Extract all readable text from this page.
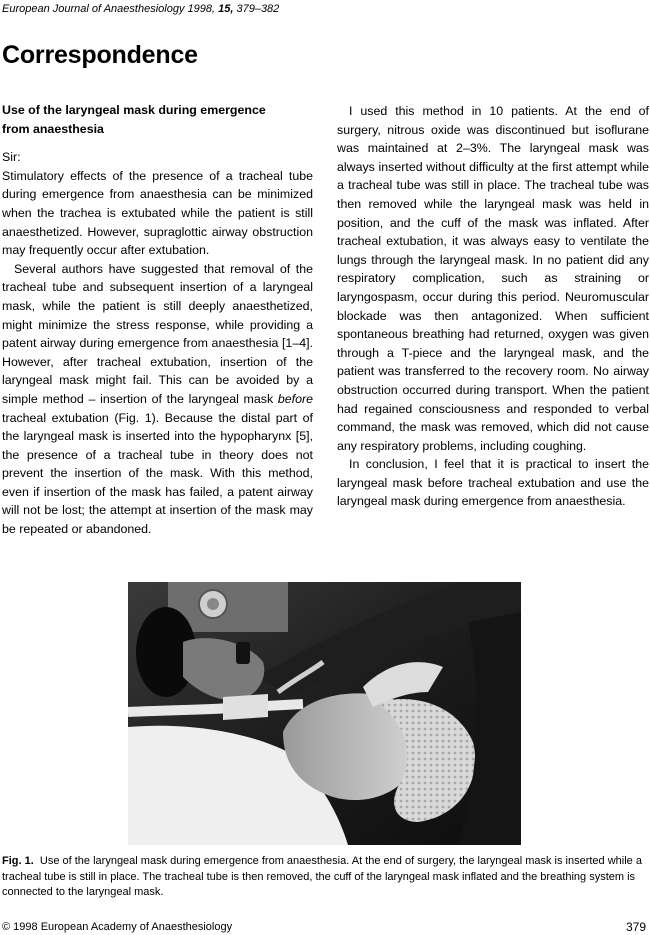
European Journal of Anaesthesiology 1998, 15, 379–382
Correspondence

Use of the laryngeal mask during emergence
from anaesthesia

Sir:

Stimulatory effects of the presence of a tracheal tube during emergence from anaesthesia can be minimized when the trachea is extubated while the patient is still anaesthetized. However, supraglottic airway obstruction may frequently occur after extubation.

Several authors have suggested that removal of the tracheal tube and subsequent insertion of a laryngeal mask, while the patient is still deeply anaesthetized, might minimize the stress response, while providing a patent airway during emergence from anaesthesia [1–4]. However, after tracheal extubation, insertion of the laryngeal mask might fail. This can be avoided by a simple method – insertion of the laryngeal mask before tracheal extubation (Fig. 1). Because the distal part of the laryngeal mask is inserted into the hypopharynx [5], the presence of a tracheal tube in theory does not prevent the insertion of the mask. With this method, even if insertion of the mask has failed, a patent airway will not be lost; the attempt at insertion of the mask may be repeated or abandoned.

I used this method in 10 patients. At the end of surgery, nitrous oxide was discontinued but isoflurane was maintained at 2–3%. The laryngeal mask was always inserted without difficulty at the first attempt while a tracheal tube was still in place. The tracheal tube was then removed while the laryngeal mask was held in position, and the cuff of the mask was inflated. After tracheal extubation, it was always easy to ventilate the lungs through the laryngeal mask. In no patient did any respiratory complication, such as straining or laryngospasm, occur during this period. Neuromuscular blockade was then antagonized. When sufficient spontaneous breathing had returned, oxygen was given through a T-piece and the laryngeal mask, and the patient was transferred to the recovery room. No airway obstruction occurred during transport. When the patient had regained consciousness and responded to verbal command, the mask was removed, which did not cause any respiratory problems, including coughing.

In conclusion, I feel that it is practical to insert the laryngeal mask before tracheal extubation and use the laryngeal mask during emergence from anaesthesia.

Fig. 1. Use of the laryngeal mask during emergence from anaesthesia. At the end of surgery, the laryngeal mask is inserted while a tracheal tube is still in place. The tracheal tube is then removed, the cuff of the laryngeal mask inflated and the breathing system is connected to the laryngeal mask.
© 1998 European Academy of Anaesthesiology	379
